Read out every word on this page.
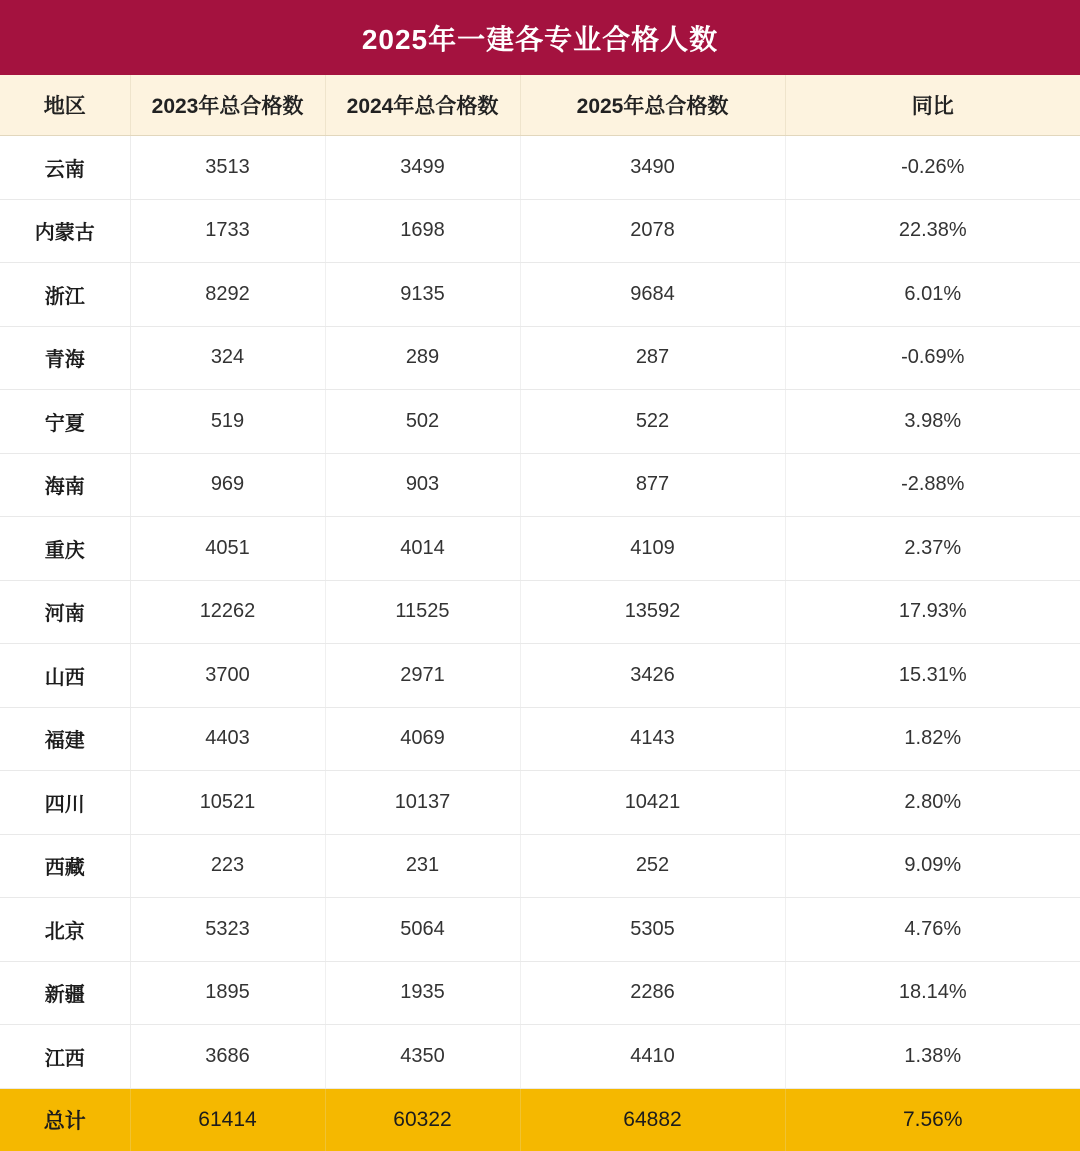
2025年一建各专业合格人数
地区	2023年总合格数	2024年总合格数	2025年总合格数	同比
云南	3513	3499	3490	-0.26%
内蒙古	1733	1698	2078	22.38%
浙江	8292	9135	9684	6.01%
青海	324	289	287	-0.69%
宁夏	519	502	522	3.98%
海南	969	903	877	-2.88%
重庆	4051	4014	4109	2.37%
河南	12262	11525	13592	17.93%
山西	3700	2971	3426	15.31%
福建	4403	4069	4143	1.82%
四川	10521	10137	10421	2.80%
西藏	223	231	252	9.09%
北京	5323	5064	5305	4.76%
新疆	1895	1935	2286	18.14%
江西	3686	4350	4410	1.38%
总计	61414	60322	64882	7.56%
